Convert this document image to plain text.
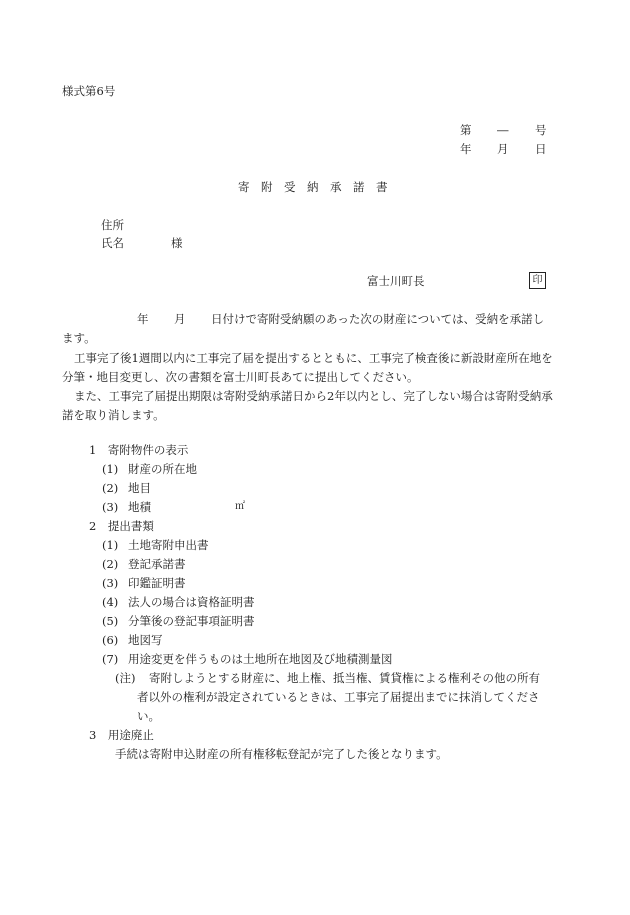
様式第6号
第 ― 号
年 月 日
寄　附　受　納　承　諾　書
住所
氏名	様
富士川町長	印
年 月 日付けで寄附受納願のあった次の財産については、受納を承諾し
ます。
工事完了後1週間以内に工事完了届を提出するとともに、工事完了検査後に新設財産所在地を分筆・地目変更し、次の書類を富士川町長あてに提出してください。
また、工事完了届提出期限は寄附受納承諾日から2年以内とし、完了しない場合は寄附受納承諾を取り消します。
1　寄附物件の表示
(1) 財産の所在地
(2) 地目
(3) 地積	㎡
2　提出書類
(1) 土地寄附申出書
(2) 登記承諾書
(3) 印鑑証明書
(4) 法人の場合は資格証明書
(5) 分筆後の登記事項証明書
(6) 地図写
(7) 用途変更を伴うものは土地所在地図及び地積測量図
(注) 寄附しようとする財産に、地上権、抵当権、賃貸権による権利その他の所有
者以外の権利が設定されているときは、工事完了届提出までに抹消してくださ
い。
3　用途廃止
手続は寄附申込財産の所有権移転登記が完了した後となります。
